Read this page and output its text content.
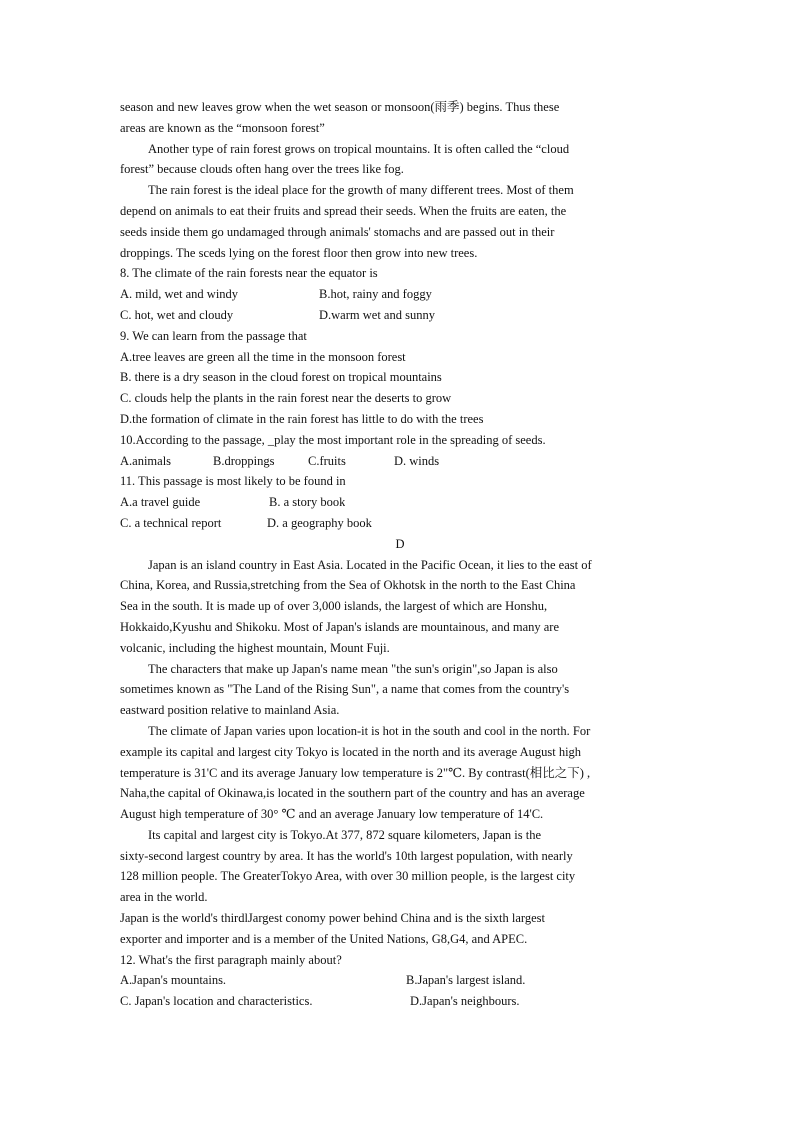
season and new leaves grow when the wet season or monsoon(雨季) begins. Thus these
areas are known as the “monsoon forest”
Another type of rain forest grows on tropical mountains. It is often called the “cloud
forest” because clouds often hang over the trees like fog.
The rain forest is the ideal place for the growth of many different trees. Most of them
depend on animals to eat their fruits and spread their seeds. When the fruits are eaten, the
seeds inside them go undamaged through animals' stomachs and are passed out in their
droppings. The sceds lying on the forest floor then grow into new trees.
8. The climate of the rain forests near the equator is
A. mild, wet and windy	B.hot, rainy and foggy
C. hot, wet and cloudy	D.warm wet and sunny
9. We can learn from the passage that
A.tree leaves are green all the time in the monsoon forest
B. there is a dry season in the cloud forest on tropical mountains
C. clouds help the plants in the rain forest near the deserts to grow
D.the formation of climate in the rain forest has little to do with the trees
10.According to the passage, _play the most important role in the spreading of seeds.
A.animals	B.droppings	C.fruits	D. winds
11. This passage is most likely to be found in
A.a travel guide	B. a story book
C. a technical report	D. a geography book
D
Japan is an island country in East Asia. Located in the Pacific Ocean, it lies to the east of
China, Korea, and Russia,stretching from the Sea of Okhotsk in the north to the East China
Sea in the south. It is made up of over 3,000 islands, the largest of which are Honshu,
Hokkaido,Kyushu and Shikoku. Most of Japan's islands are mountainous, and many are
volcanic, including the highest mountain, Mount Fuji.
The characters that make up Japan's name mean "the sun's origin",so Japan is also
sometimes known as "The Land of the Rising Sun", a name that comes from the country's
eastward position relative to mainland Asia.
The climate of Japan varies upon location-it is hot in the south and cool in the north. For
example its capital and largest city Tokyo is located in the north and its average August high
temperature is 31'C and its average January low temperature is 2"℃. By contrast(相比之下) ,
Naha,the capital of Okinawa,is located in the southern part of the country and has an average
August high temperature of 30° ℃ and an average January low temperature of 14'C.
Its capital and largest city is Tokyo.At 377, 872 square kilometers, Japan is the
sixty-second largest country by area. It has the world's 10th largest population, with nearly
128 million people. The GreaterTokyo Area, with over 30 million people, is the largest city
area in the world.
Japan is the world's thirdlJargest conomy power behind China and is the sixth largest
exporter and importer and is a member of the United Nations, G8,G4, and APEC.
12. What's the first paragraph mainly about?
A.Japan's mountains.	B.Japan's largest island.
C. Japan's location and characteristics.	D.Japan's neighbours.
